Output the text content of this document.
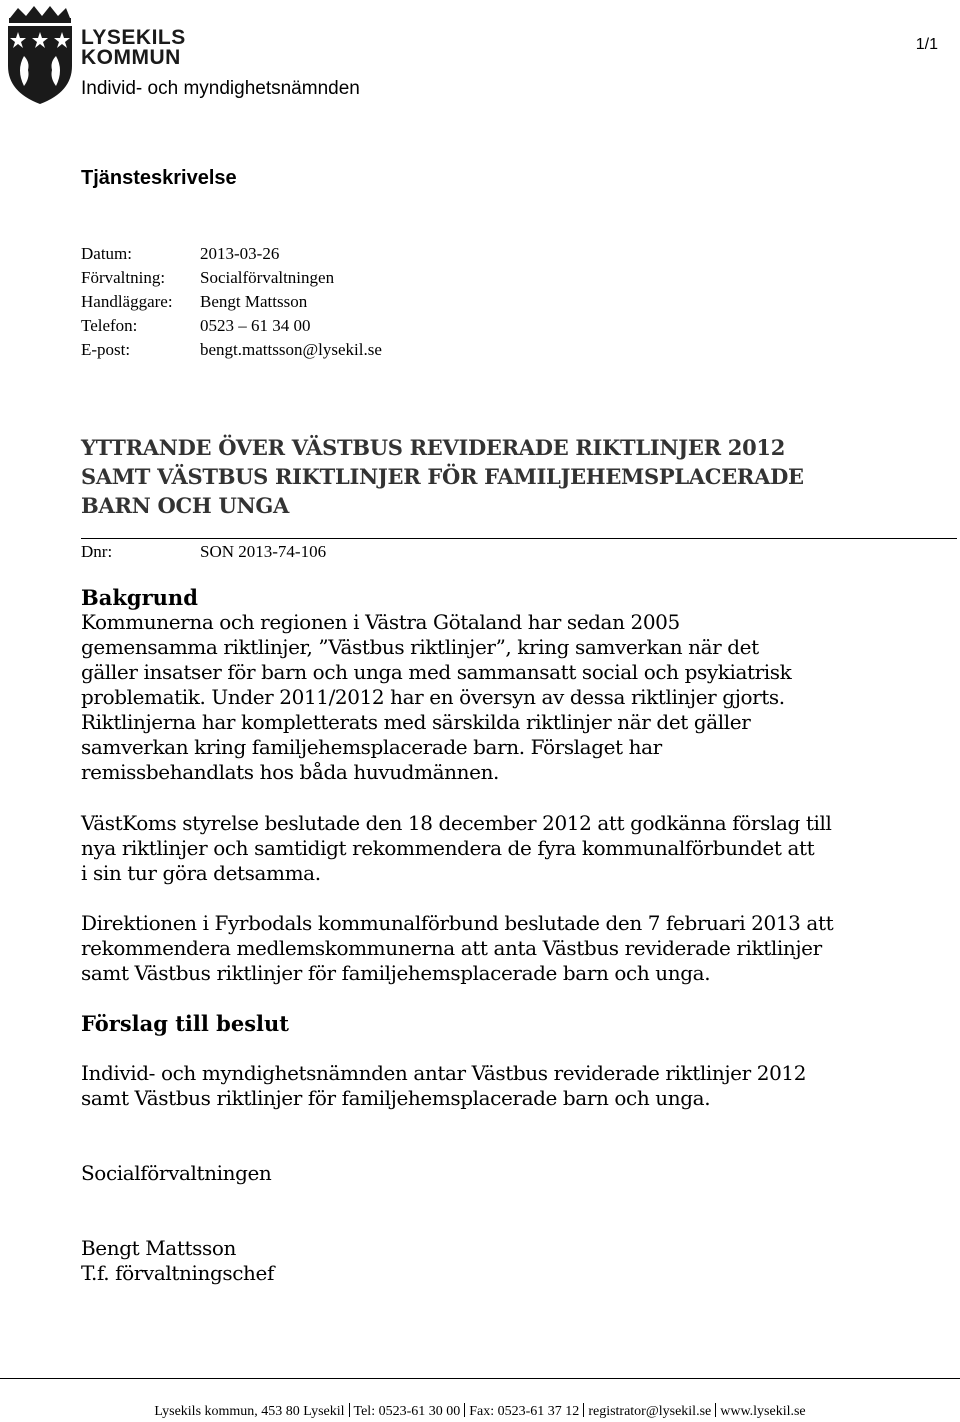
LYSEKILS
KOMMUN
Individ- och myndighetsnämnden
1/1
Tjänsteskrivelse
Datum:	2013-03-26
Förvaltning:	Socialförvaltningen
Handläggare:	Bengt Mattsson
Telefon:	0523 – 61 34 00
E-post:	bengt.mattsson@lysekil.se
YTTRANDE ÖVER VÄSTBUS REVIDERADE RIKTLINJER 2012
SAMT VÄSTBUS RIKTLINJER FÖR FAMILJEHEMSPLACERADE
BARN OCH UNGA
Dnr:	SON 2013-74-106
Bakgrund
Kommunerna och regionen i Västra Götaland har sedan 2005
gemensamma riktlinjer, ”Västbus riktlinjer”, kring samverkan när det
gäller insatser för barn och unga med sammansatt social och psykiatrisk
problematik. Under 2011/2012 har en översyn av dessa riktlinjer gjorts.
Riktlinjerna har kompletterats med särskilda riktlinjer när det gäller
samverkan kring familjehemsplacerade barn. Förslaget har
remissbehandlats hos båda huvudmännen.
VästKoms styrelse beslutade den 18 december 2012 att godkänna förslag till
nya riktlinjer och samtidigt rekommendera de fyra kommunalförbundet att
i sin tur göra detsamma.
Direktionen i Fyrbodals kommunalförbund beslutade den 7 februari 2013 att
rekommendera medlemskommunerna att anta Västbus reviderade riktlinjer
samt Västbus riktlinjer för familjehemsplacerade barn och unga.
Förslag till beslut
Individ- och myndighetsnämnden antar Västbus reviderade riktlinjer 2012
samt Västbus riktlinjer för familjehemsplacerade barn och unga.
Socialförvaltningen
Bengt Mattsson
T.f. förvaltningschef
Lysekils kommun, 453 80 Lysekil Tel: 0523-61 30 00 Fax: 0523-61 37 12 registrator@lysekil.se www.lysekil.se
